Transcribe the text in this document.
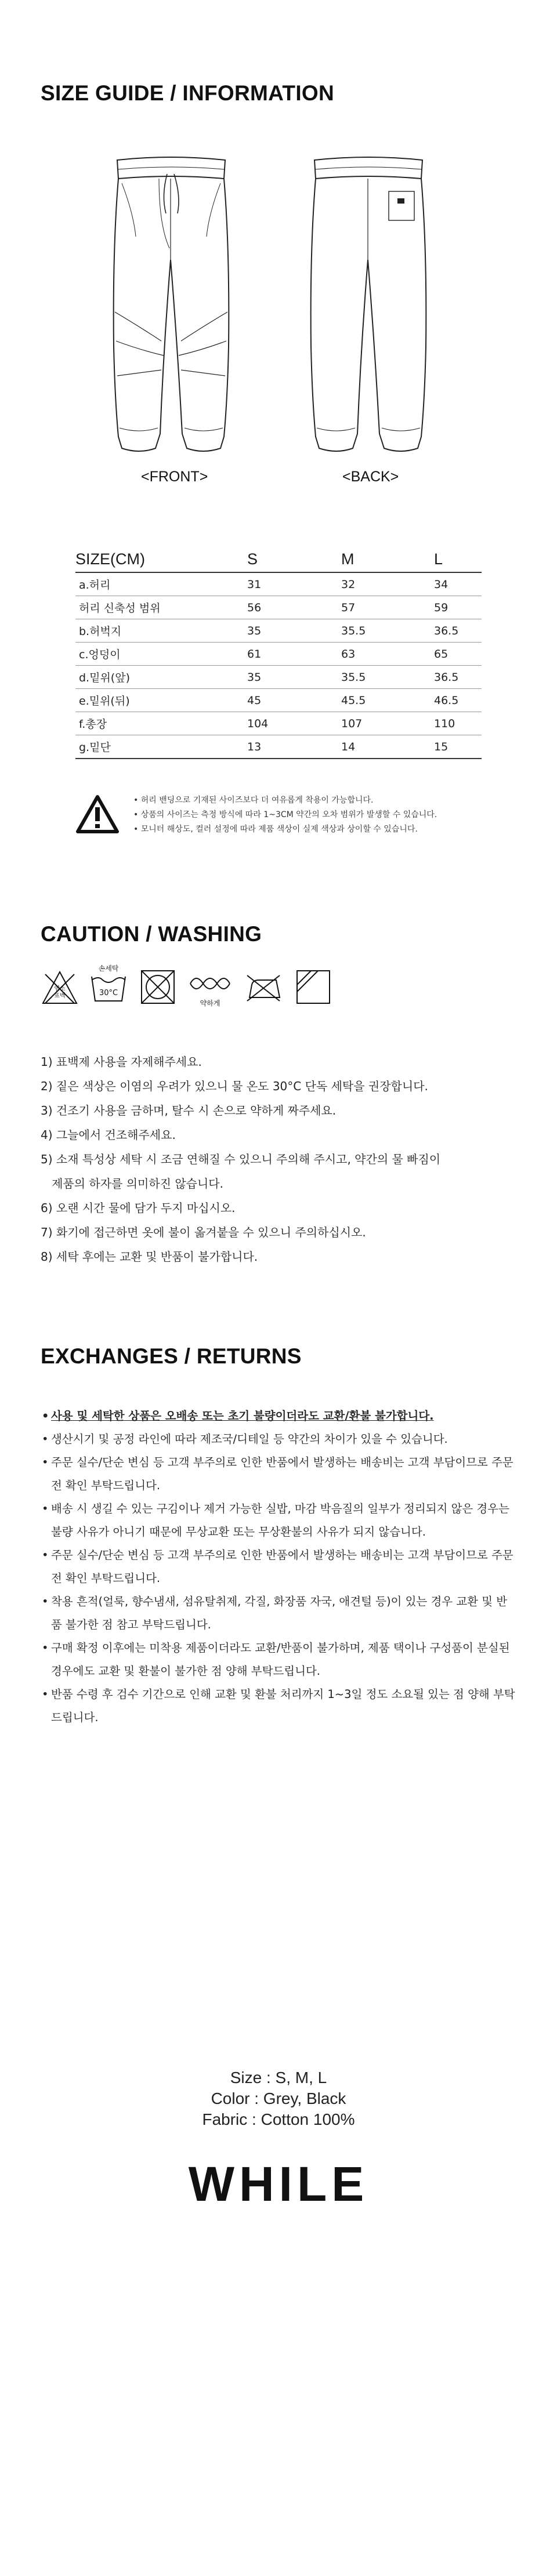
SIZE GUIDE / INFORMATION
<FRONT>	<BACK>
SIZE(CM)	S	M	L
a.허리	31	32	34
허리 신축성 범위	56	57	59
b.허벅지	35	35.5	36.5
c.엉덩이	61	63	65
d.밑위(앞)	35	35.5	36.5
e.밑위(뒤)	45	45.5	46.5
f.총장	104	107	110
g.밑단	13	14	15
• 허리 밴딩으로 기재된 사이즈보다 더 여유롭게 착용이 가능합니다.
• 상품의 사이즈는 측정 방식에 따라 1~3CM 약간의 오차 범위가 발생할 수 있습니다.
• 모니터 해상도, 컬러 설정에 따라 제품 색상이 실제 색상과 상이할 수 있습니다.
CAUTION / WASHING
염소
표백
손세탁
30°C
약하게
1) 표백제 사용을 자제해주세요.
2) 짙은 색상은 이염의 우려가 있으니 물 온도 30°C 단독 세탁을 권장합니다.
3) 건조기 사용을 금하며, 탈수 시 손으로 약하게 짜주세요.
4) 그늘에서 건조해주세요.
5) 소재 특성상 세탁 시 조금 연해질 수 있으니 주의해 주시고, 약간의 물 빠짐이
제품의 하자를 의미하진 않습니다.
6) 오랜 시간 물에 담가 두지 마십시오.
7) 화기에 접근하면 옷에 불이 옮겨붙을 수 있으니 주의하십시오.
8) 세탁 후에는 교환 및 반품이 불가합니다.
EXCHANGES / RETURNS
• 사용 및 세탁한 상품은 오배송 또는 초기 불량이더라도 교환/환불 불가합니다.
• 생산시기 및 공정 라인에 따라 제조국/디테일 등 약간의 차이가 있을 수 있습니다.
• 주문 실수/단순 변심 등 고객 부주의로 인한 반품에서 발생하는 배송비는 고객 부담이므로 주문 전 확인 부탁드립니다.
• 배송 시 생길 수 있는 구김이나 제거 가능한 실밥, 마감 박음질의 일부가 정리되지 않은 경우는 불량 사유가 아니기 때문에 무상교환 또는 무상환불의 사유가 되지 않습니다.
• 주문 실수/단순 변심 등 고객 부주의로 인한 반품에서 발생하는 배송비는 고객 부담이므로 주문 전 확인 부탁드립니다.
• 착용 흔적(얼룩, 향수냄새, 섬유탈취제, 각질, 화장품 자국, 애견털 등)이 있는 경우 교환 및 반품 불가한 점 참고 부탁드립니다.
• 구매 확정 이후에는 미착용 제품이더라도 교환/반품이 불가하며, 제품 택이나 구성품이 분실된 경우에도 교환 및 환불이 불가한 점 양해 부탁드립니다.
• 반품 수령 후 검수 기간으로 인해 교환 및 환불 처리까지 1~3일 정도 소요될 있는 점 양해 부탁드립니다.
Size : S, M, L
Color : Grey, Black
Fabric : Cotton 100%
WHILE
